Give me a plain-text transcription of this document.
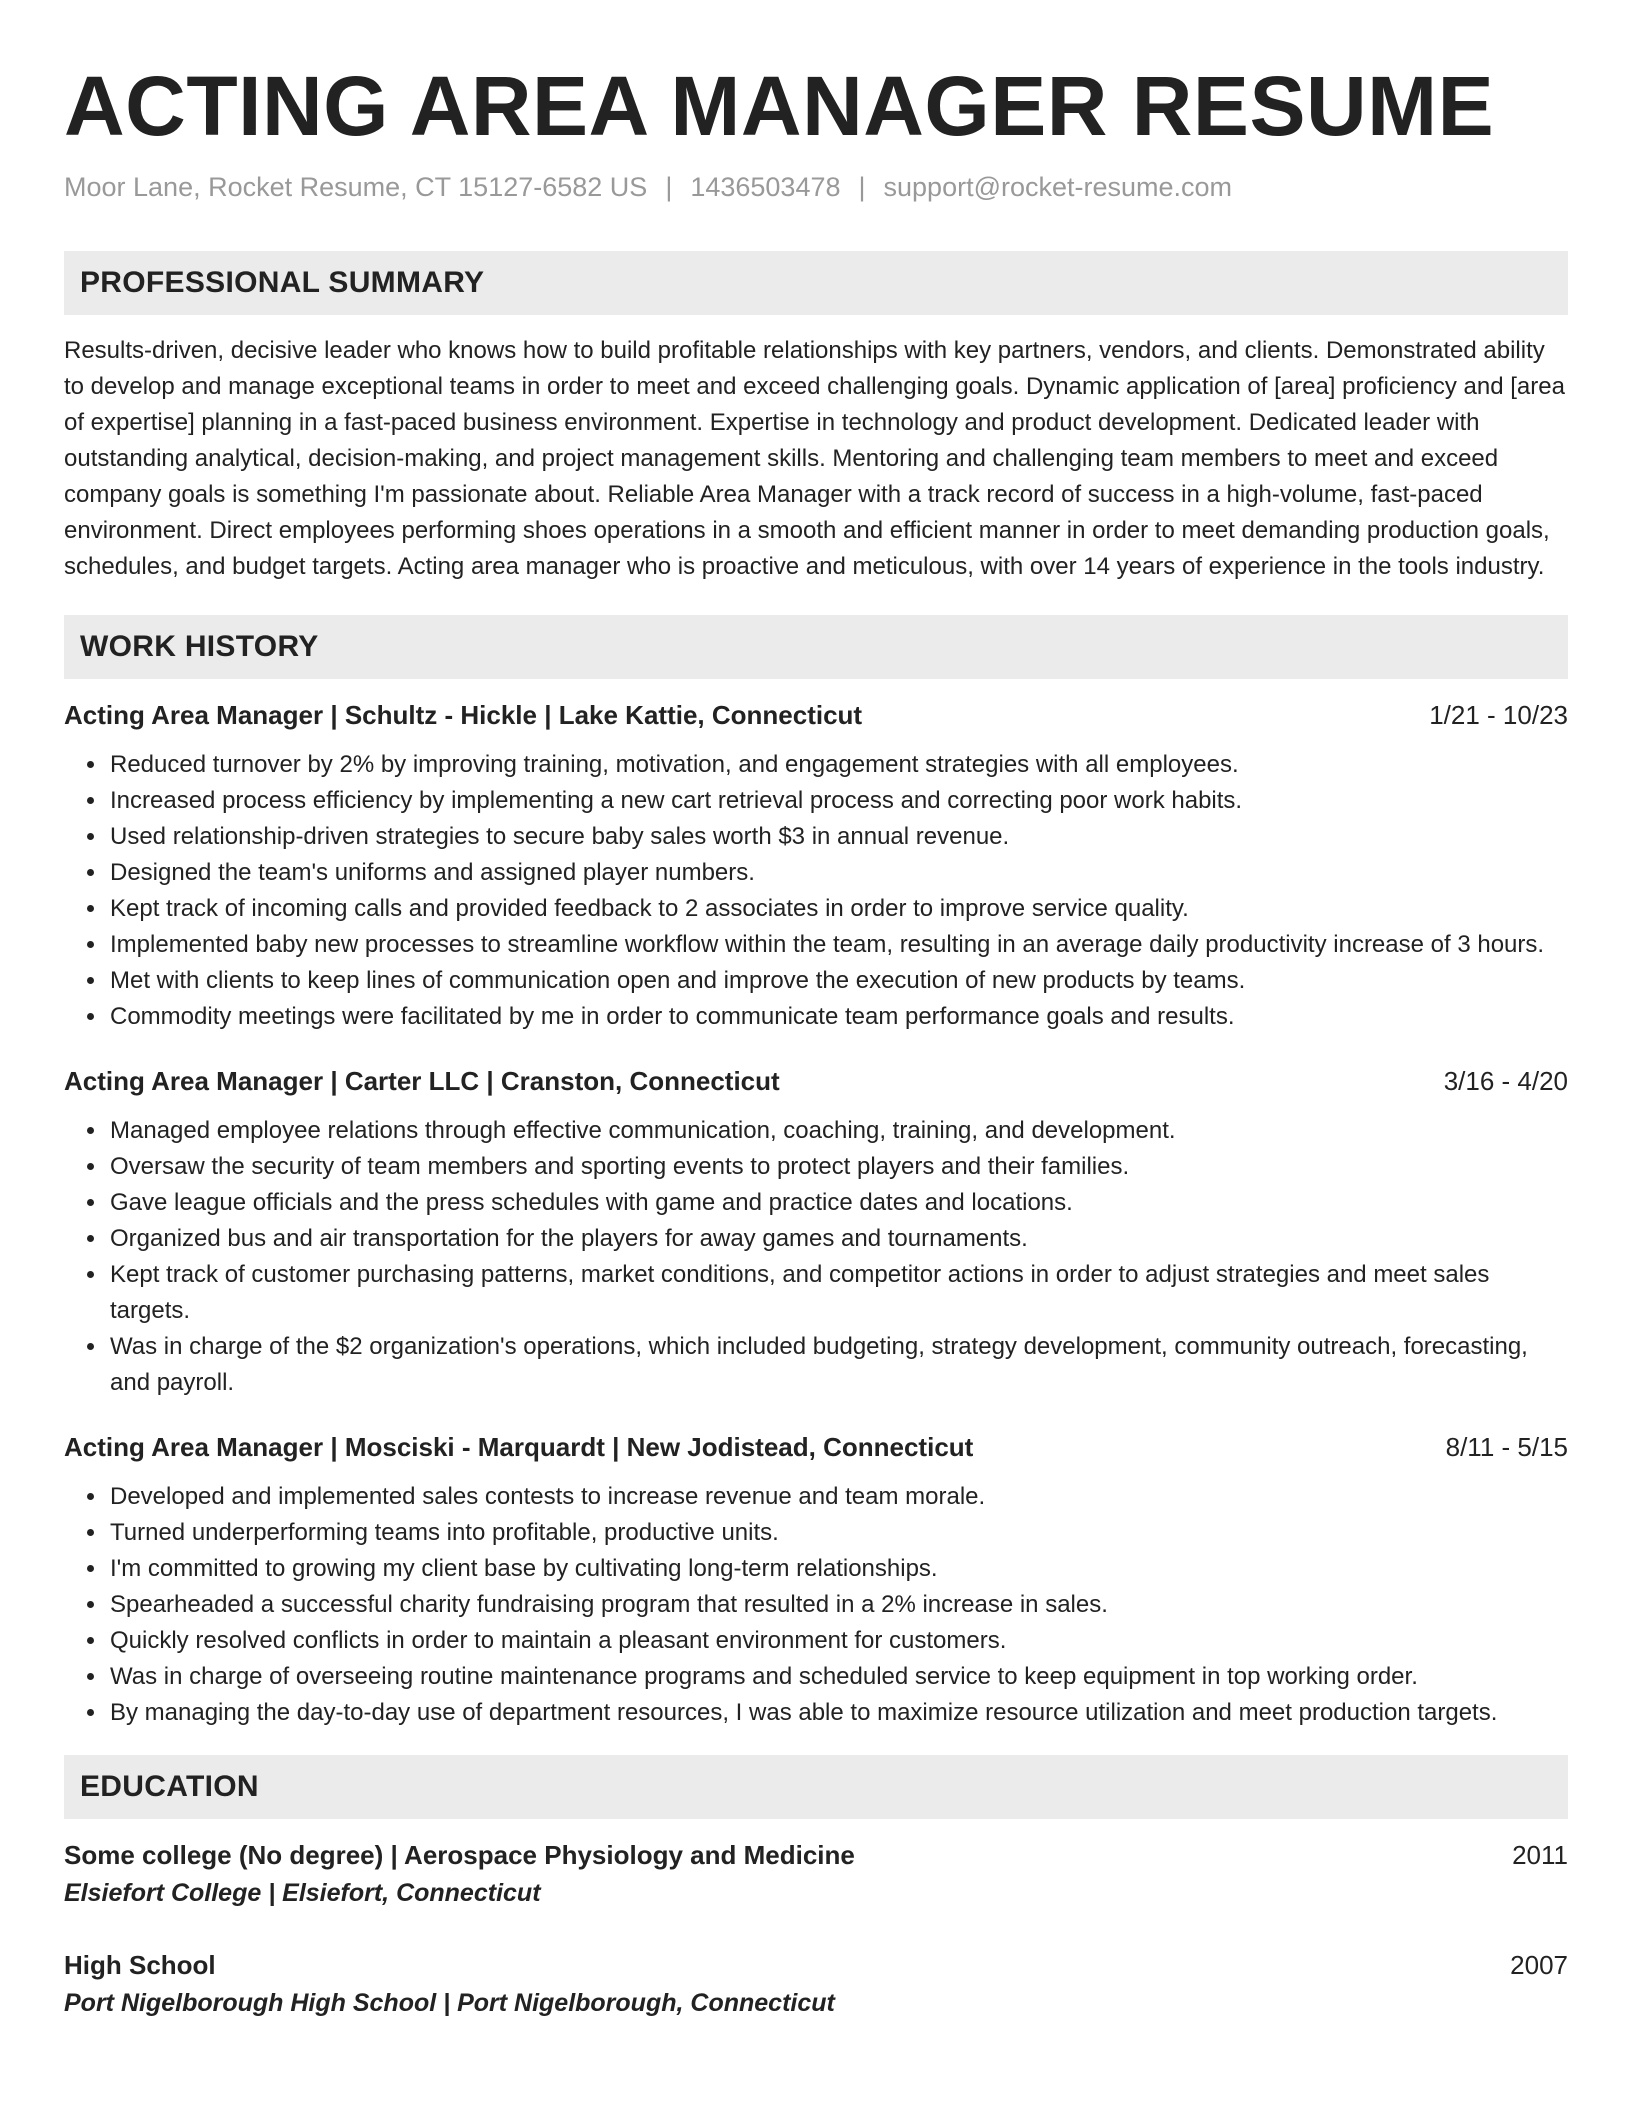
ACTING AREA MANAGER RESUME
Moor Lane, Rocket Resume, CT 15127-6582 US | 1436503478 | support@rocket-resume.com
PROFESSIONAL SUMMARY

Results-driven, decisive leader who knows how to build profitable relationships with key partners, vendors, and clients. Demonstrated ability to develop and manage exceptional teams in order to meet and exceed challenging goals. Dynamic application of [area] proficiency and [area of expertise] planning in a fast-paced business environment. Expertise in technology and product development. Dedicated leader with outstanding analytical, decision-making, and project management skills. Mentoring and challenging team members to meet and exceed company goals is something I'm passionate about. Reliable Area Manager with a track record of success in a high-volume, fast-paced environment. Direct employees performing shoes operations in a smooth and efficient manner in order to meet demanding production goals, schedules, and budget targets. Acting area manager who is proactive and meticulous, with over 14 years of experience in the tools industry.

WORK HISTORY
Acting Area Manager | Schultz - Hickle | Lake Kattie, Connecticut	1/21 - 10/23
• Reduced turnover by 2% by improving training, motivation, and engagement strategies with all employees.
• Increased process efficiency by implementing a new cart retrieval process and correcting poor work habits.
• Used relationship-driven strategies to secure baby sales worth $3 in annual revenue.
• Designed the team's uniforms and assigned player numbers.
• Kept track of incoming calls and provided feedback to 2 associates in order to improve service quality.
• Implemented baby new processes to streamline workflow within the team, resulting in an average daily productivity increase of 3 hours.
• Met with clients to keep lines of communication open and improve the execution of new products by teams.
• Commodity meetings were facilitated by me in order to communicate team performance goals and results.
Acting Area Manager | Carter LLC | Cranston, Connecticut	3/16 - 4/20
• Managed employee relations through effective communication, coaching, training, and development.
• Oversaw the security of team members and sporting events to protect players and their families.
• Gave league officials and the press schedules with game and practice dates and locations.
• Organized bus and air transportation for the players for away games and tournaments.
• Kept track of customer purchasing patterns, market conditions, and competitor actions in order to adjust strategies and meet sales targets.
• Was in charge of the $2 organization's operations, which included budgeting, strategy development, community outreach, forecasting, and payroll.
Acting Area Manager | Mosciski - Marquardt | New Jodistead, Connecticut	8/11 - 5/15
• Developed and implemented sales contests to increase revenue and team morale.
• Turned underperforming teams into profitable, productive units.
• I'm committed to growing my client base by cultivating long-term relationships.
• Spearheaded a successful charity fundraising program that resulted in a 2% increase in sales.
• Quickly resolved conflicts in order to maintain a pleasant environment for customers.
• Was in charge of overseeing routine maintenance programs and scheduled service to keep equipment in top working order.
• By managing the day-to-day use of department resources, I was able to maximize resource utilization and meet production targets.
EDUCATION
Some college (No degree) | Aerospace Physiology and Medicine	2011
Elsiefort College | Elsiefort, Connecticut
High School	2007
Port Nigelborough High School | Port Nigelborough, Connecticut
